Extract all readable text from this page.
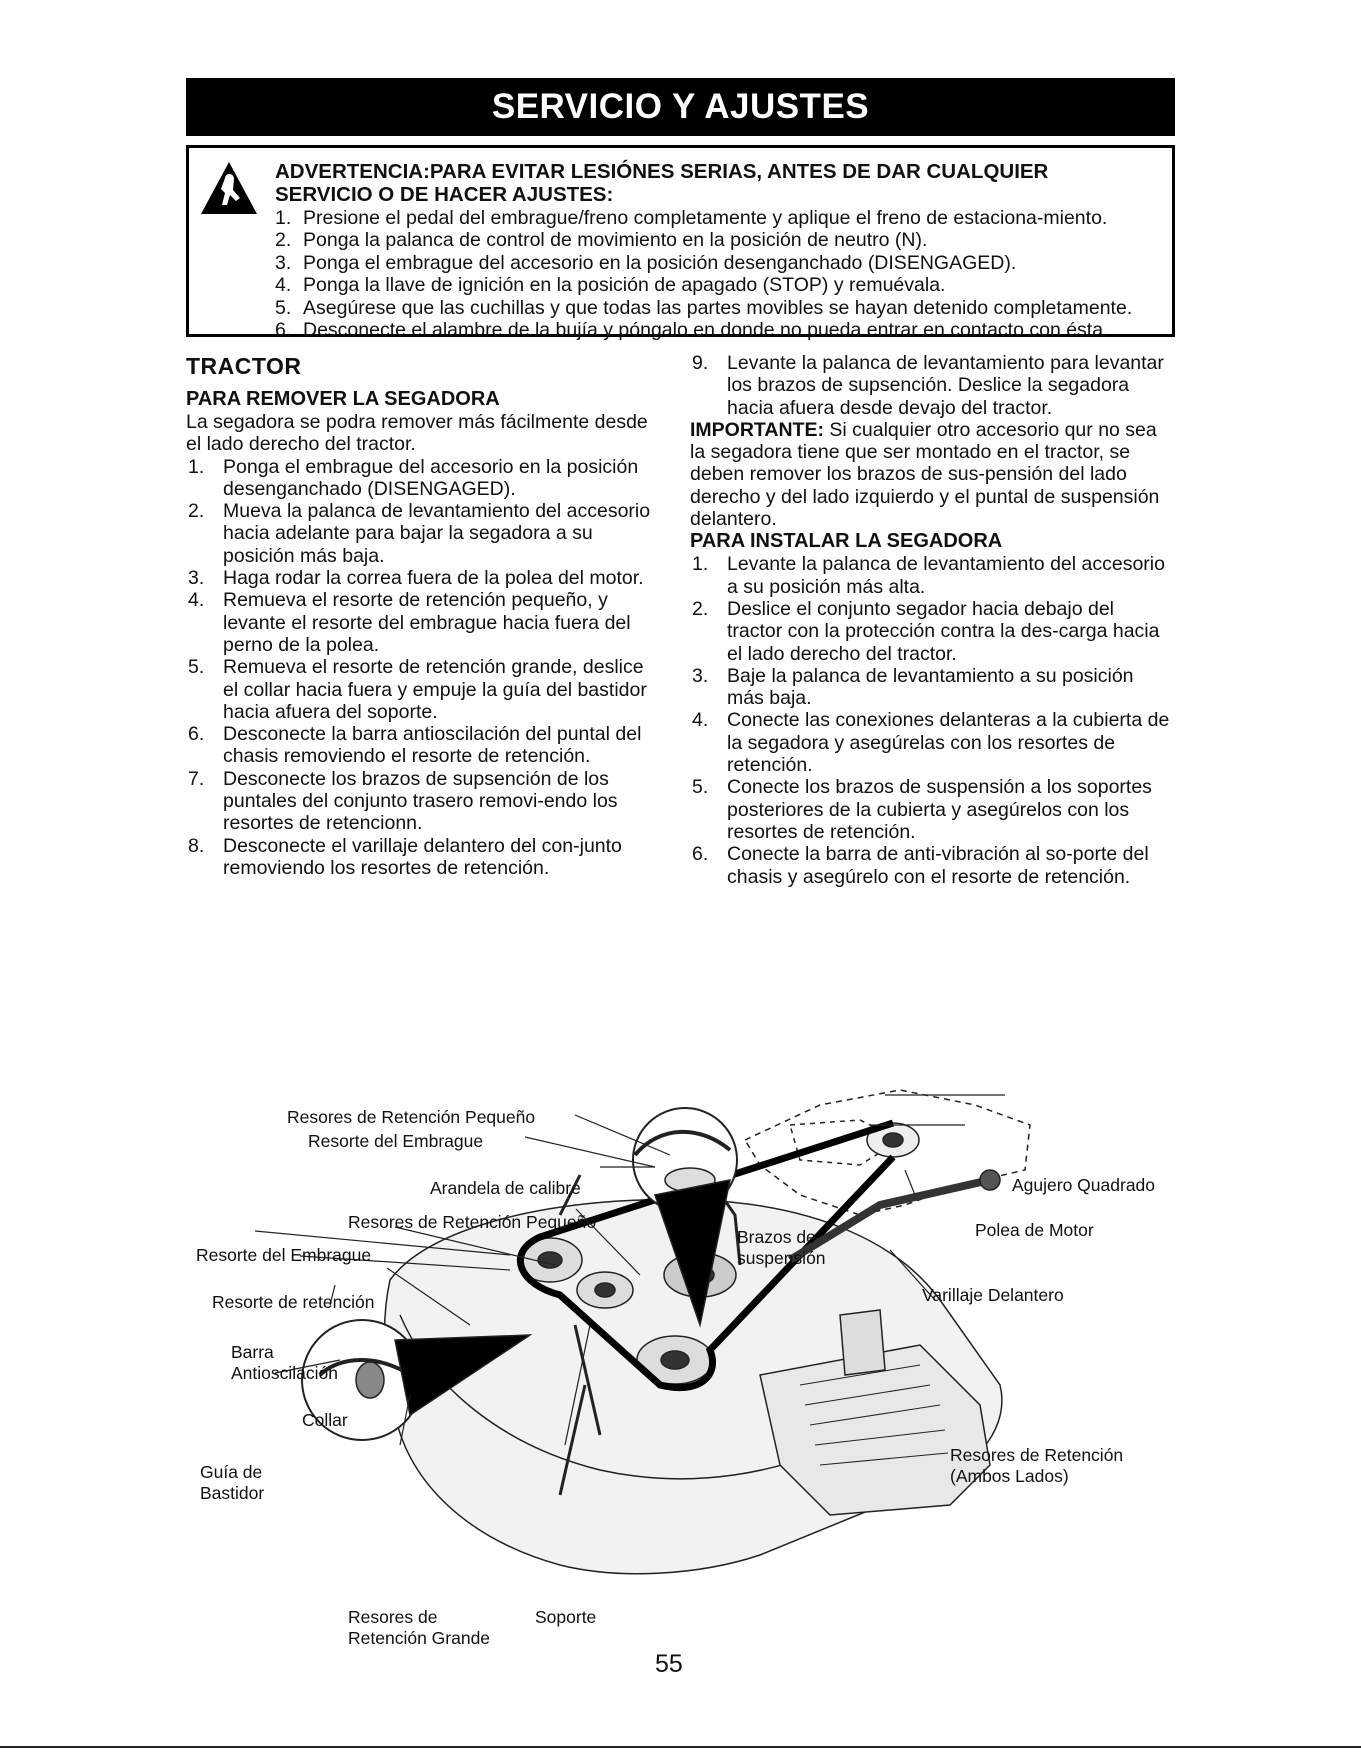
SERVICIO Y AJUSTES
ADVERTENCIA:PARA EVITAR LESIÓNES SERIAS, ANTES DE DAR CUALQUIER
SERVICIO O DE HACER AJUSTES:
1. Presione el pedal del embrague/freno completamente y aplique el freno de estaciona-miento.
2. Ponga la palanca de control de movimiento en la posición de neutro (N).
3. Ponga el embrague del accesorio en la posición desenganchado (DISENGAGED).
4. Ponga la llave de ignición en la posición de apagado (STOP) y remuévala.
5. Asegúrese que las cuchillas y que todas las partes movibles se hayan detenido completamente.
6. Desconecte el alambre de la bujía y póngalo en donde no pueda entrar en contacto con ésta.
TRACTOR
PARA REMOVER LA SEGADORA

La segadora se podra remover más fácilmente desde el lado derecho del tractor.

1. Ponga el embrague del accesorio en la posición desenganchado (DISENGAGED).
2. Mueva la palanca de levantamiento del accesorio hacia adelante para bajar la segadora a su posición más baja.
3. Haga rodar la correa fuera de la polea del motor.
4. Remueva el resorte de retención pequeño, y levante el resorte del embrague hacia fuera del perno de la polea.
5. Remueva el resorte de retención grande, deslice el collar hacia fuera y empuje la guía del bastidor hacia afuera del soporte.
6. Desconecte la barra antioscilación del puntal del chasis removiendo el resorte de retención.
7. Desconecte los brazos de supsención de los puntales del conjunto trasero removi-endo los resortes de retencionn.
8. Desconecte el varillaje delantero del con-junto removiendo los resortes de retención.
9. Levante la palanca de levantamiento para levantar los brazos de supsención. Deslice la segadora hacia afuera desde devajo del tractor.

IMPORTANTE: Si cualquier otro accesorio qur no sea la segadora tiene que ser montado en el tractor, se deben remover los brazos de sus-pensión del lado derecho y del lado izquierdo y el puntal de suspensión delantero.

PARA INSTALAR LA SEGADORA
1. Levante la palanca de levantamiento del accesorio a su posición más alta.
2. Deslice el conjunto segador hacia debajo del tractor con la protección contra la des-carga hacia el lado derecho del tractor.
3. Baje la palanca de levantamiento a su posición más baja.
4. Conecte las conexiones delanteras a la cubierta de la segadora y asegúrelas con los resortes de retención.
5. Conecte los brazos de suspensión a los soportes posteriores de la cubierta y asegúrelos con los resortes de retención.
6. Conecte la barra de anti-vibración al so-porte del chasis y asegúrelo con el resorte de retención.
Resores de Retención Pequeño
Resorte del Embrague
Arandela de calibre
Resores de Retención Pequeño
Resorte del Embrague
Resorte de retención
Barra
Antioscilación
Collar
Guía de
Bastidor
Resores de
Retención Grande
Soporte
Brazos de
suspensión
Agujero Quadrado
Polea de Motor
Varillaje Delantero
Resores de Retención
(Ambos Lados)
55
